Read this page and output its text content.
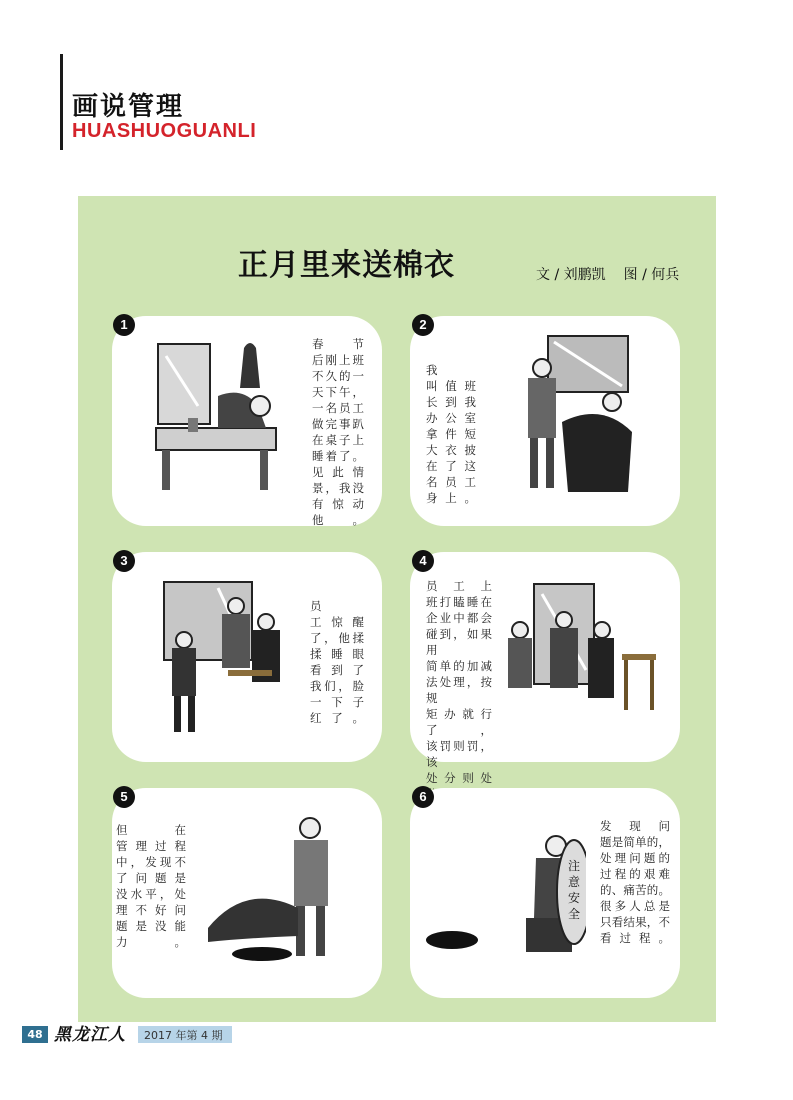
画说管理
HUASHUOGUANLI
正月里来送棉衣	文 / 刘鹏凯 图 / 何兵
春节
后刚上班
不久的一
天下午，
一名员工
做完事趴
在桌子上
睡着了。
见此情
景，我没
有惊动
他。
1
我
叫值班
长到我
办公室
拿件短
大衣披
在了这
名员工
身上。
2
员
工惊醒
了，他揉
揉睡眼
看到了
我们，脸
一下子
红了。
3
员工上
班打瞌睡在
企业中都会
碰到，如果用
简单的加减
法处理，按规
矩办就行了，
该罚则罚，该
处分则处
4
但在
管理过程
中，发现不
了问题是
没水平，处
理不好问
题是没能
力。
5
注
意
安
全
发现问
题是简单的，
处理问题的
过程的艰难
的、痛苦的。
很多人总是
只看结果，不
看过程。
6
48 黑龙江人 2017 年第 4 期
